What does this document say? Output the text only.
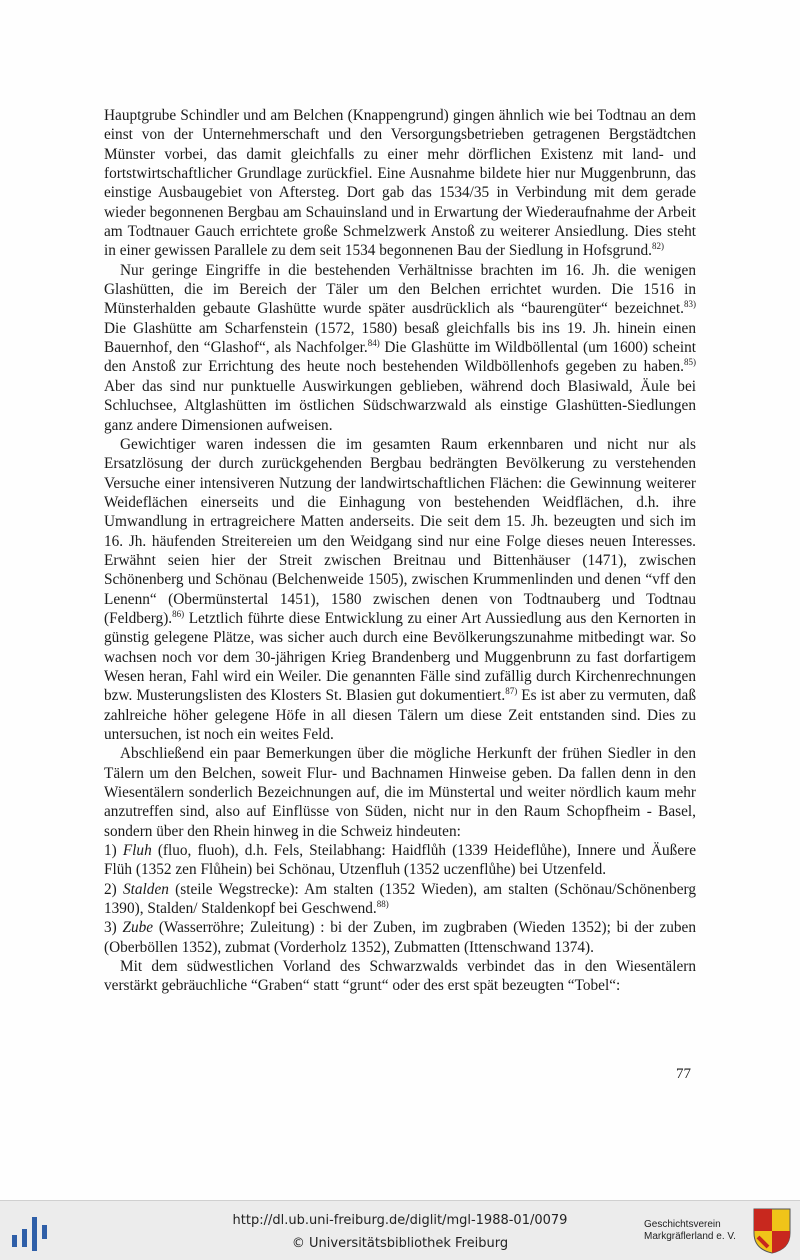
Hauptgrube Schindler und am Belchen (Knappengrund) gingen ähnlich wie bei Todtnau an dem einst von der Unternehmerschaft und den Versorgungsbetrieben getragenen Bergstädtchen Münster vorbei, das damit gleichfalls zu einer mehr dörflichen Existenz mit land- und fortstwirtschaftlicher Grundlage zurückfiel. Eine Ausnahme bildete hier nur Muggenbrunn, das einstige Ausbaugebiet von Aftersteg. Dort gab das 1534/35 in Verbindung mit dem gerade wieder begonnenen Bergbau am Schauinsland und in Erwartung der Wiederaufnahme der Arbeit am Todtnauer Gauch errichtete große Schmelzwerk Anstoß zu weiterer Ansiedlung. Dies steht in einer gewissen Parallele zu dem seit 1534 begonnenen Bau der Siedlung in Hofsgrund.$^{82)}$

Nur geringe Eingriffe in die bestehenden Verhältnisse brachten im 16. Jh. die wenigen Glashütten, die im Bereich der Täler um den Belchen errichtet wurden. Die 1516 in Münsterhalden gebaute Glashütte wurde später ausdrücklich als “baurengüter“ bezeichnet.$^{83)}$ Die Glashütte am Scharfenstein (1572, 1580) besaß gleichfalls bis ins 19. Jh. hinein einen Bauernhof, den “Glashof“, als Nachfolger.$^{84)}$ Die Glashütte im Wildböllental (um 1600) scheint den Anstoß zur Errichtung des heute noch bestehenden Wildböllenhofs gegeben zu haben.$^{85)}$ Aber das sind nur punktuelle Auswirkungen geblieben, während doch Blasiwald, Äule bei Schluchsee, Altglashütten im östlichen Südschwarzwald als einstige Glashütten-Siedlungen ganz andere Dimensionen aufweisen.

Gewichtiger waren indessen die im gesamten Raum erkennbaren und nicht nur als Ersatzlösung der durch zurückgehenden Bergbau bedrängten Bevölkerung zu verstehenden Versuche einer intensiveren Nutzung der landwirtschaftlichen Flächen: die Gewinnung weiterer Weideflächen einerseits und die Einhagung von bestehenden Weidflächen, d.h. ihre Umwandlung in ertragreichere Matten anderseits. Die seit dem 15. Jh. bezeugten und sich im 16. Jh. häufenden Streitereien um den Weidgang sind nur eine Folge dieses neuen Interesses. Erwähnt seien hier der Streit zwischen Breitnau und Bittenhäuser (1471), zwischen Schönenberg und Schönau (Belchenweide 1505), zwischen Krummenlinden und denen “vff den Lenenn“ (Obermünstertal 1451), 1580 zwischen denen von Todtnauberg und Todtnau (Feldberg).$^{86)}$ Letztlich führte diese Entwicklung zu einer Art Aussiedlung aus den Kernorten in günstig gelegene Plätze, was sicher auch durch eine Bevölkerungszunahme mitbedingt war. So wachsen noch vor dem 30-jährigen Krieg Brandenberg und Muggenbrunn zu fast dorfartigem Wesen heran, Fahl wird ein Weiler. Die genannten Fälle sind zufällig durch Kirchenrechnungen bzw. Musterungslisten des Klosters St. Blasien gut dokumentiert.$^{87)}$ Es ist aber zu vermuten, daß zahlreiche höher gelegene Höfe in all diesen Tälern um diese Zeit entstanden sind. Dies zu untersuchen, ist noch ein weites Feld.

Abschließend ein paar Bemerkungen über die mögliche Herkunft der frühen Siedler in den Tälern um den Belchen, soweit Flur- und Bachnamen Hinweise geben. Da fallen denn in den Wiesentälern sonderlich Bezeichnungen auf, die im Münstertal und weiter nördlich kaum mehr anzutreffen sind, also auf Einflüsse von Süden, nicht nur in den Raum Schopfheim - Basel, sondern über den Rhein hinweg in die Schweiz hindeuten:

1) Fluh (fluo, fluoh), d.h. Fels, Steilabhang: Haidflůh (1339 Heideflůhe), Innere und Äußere Flüh (1352 zen Flůhein) bei Schönau, Utzenfluh (1352 uczenflůhe) bei Utzenfeld.

2) Stalden (steile Wegstrecke): Am stalten (1352 Wieden), am stalten (Schönau/Schönenberg 1390), Stalden/ Staldenkopf bei Geschwend.$^{88)}$

3) Zube (Wasserröhre; Zuleitung) : bi der Zuben, im zugbraben (Wieden 1352); bi der zuben (Oberböllen 1352), zubmat (Vorderholz 1352), Zubmatten (Ittenschwand 1374).

Mit dem südwestlichen Vorland des Schwarzwalds verbindet das in den Wiesentälern verstärkt gebräuchliche “Graben“ statt “grunt“ oder des erst spät bezeugten “Tobel“:

77
http://dl.ub.uni-freiburg.de/diglit/mgl-1988-01/0079
© Universitätsbibliothek Freiburg
Geschichtsverein
Markgräflerland e. V.
